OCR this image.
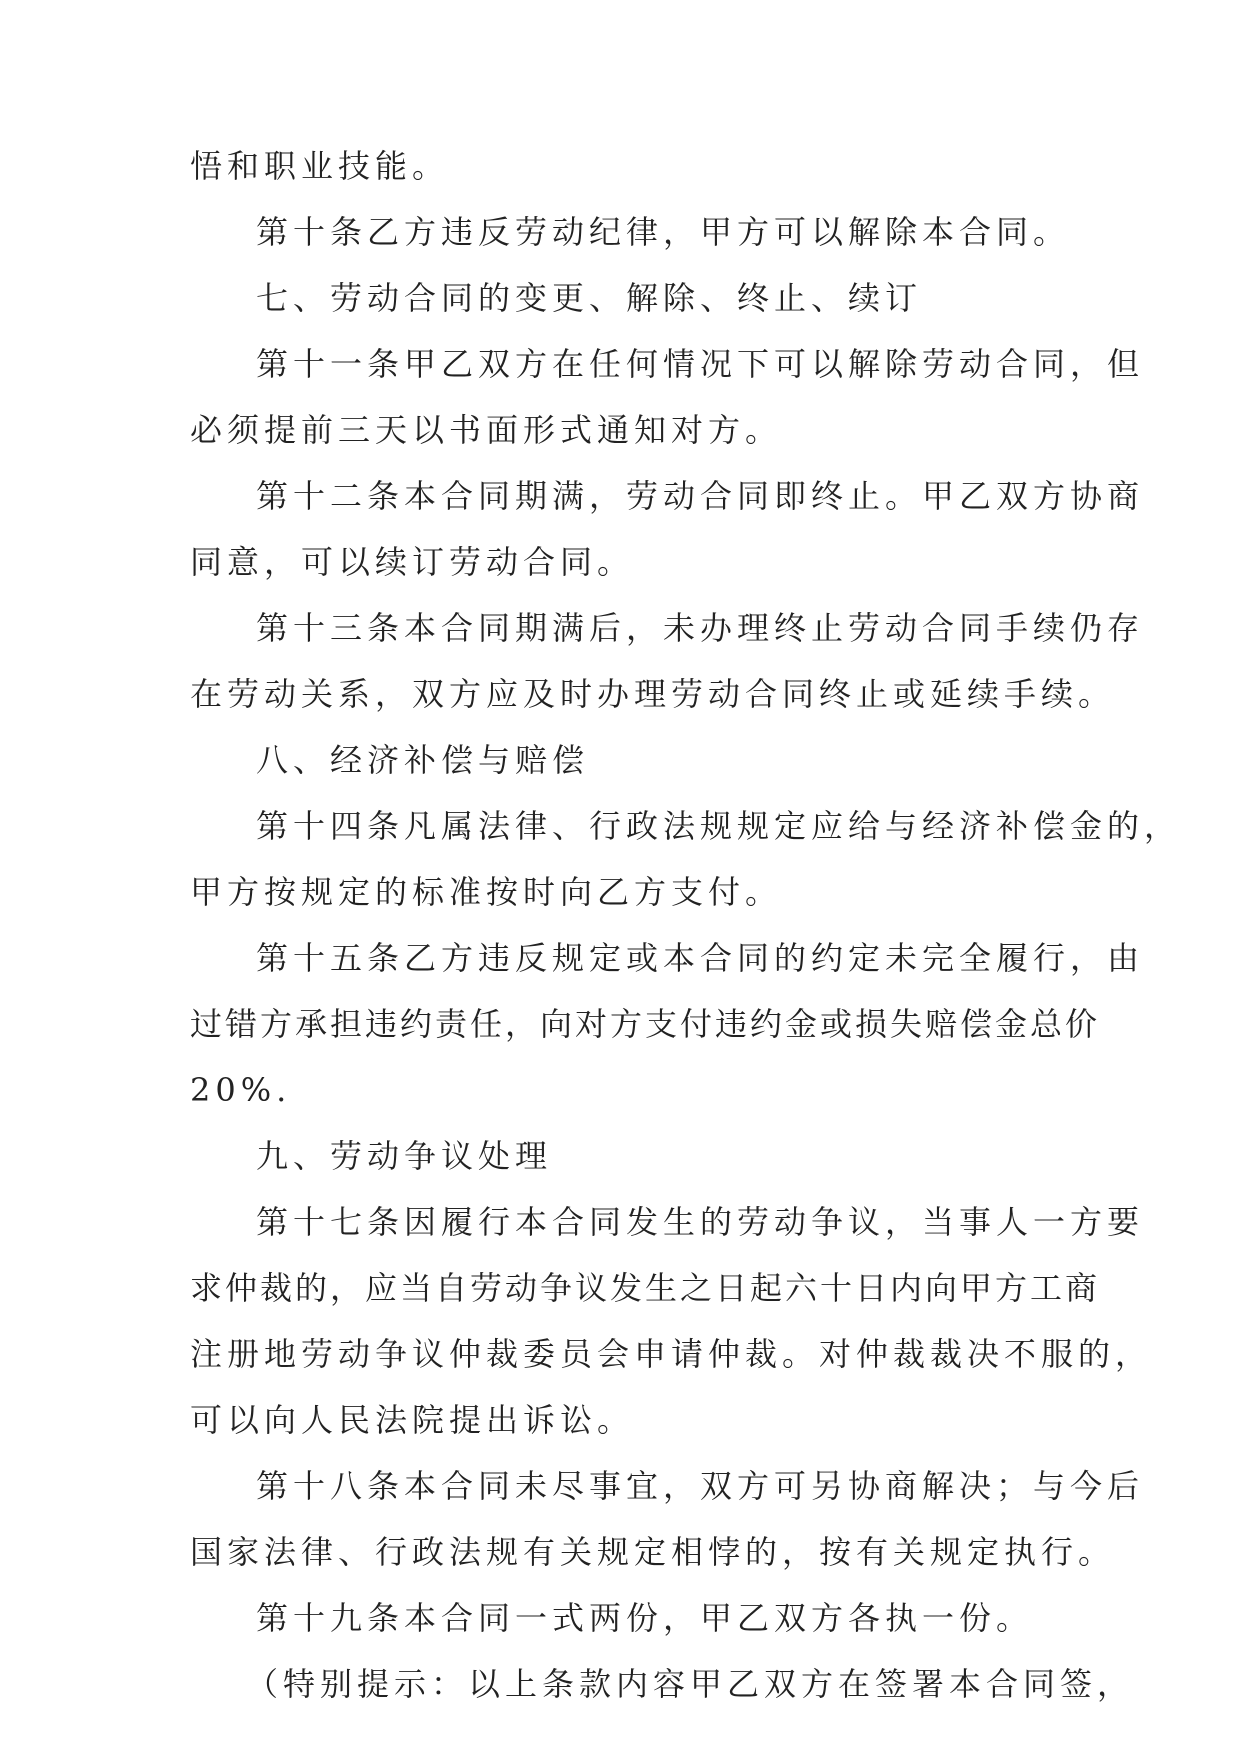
悟和职业技能。
第十条乙方违反劳动纪律，甲方可以解除本合同。
七、劳动合同的变更、解除、终止、续订
第十一条甲乙双方在任何情况下可以解除劳动合同，但
必须提前三天以书面形式通知对方。
第十二条本合同期满，劳动合同即终止。甲乙双方协商
同意，可以续订劳动合同。
第十三条本合同期满后，未办理终止劳动合同手续仍存
在劳动关系，双方应及时办理劳动合同终止或延续手续。
八、经济补偿与赔偿
第十四条凡属法律、行政法规规定应给与经济补偿金的，
甲方按规定的标准按时向乙方支付。
第十五条乙方违反规定或本合同的约定未完全履行，由
过错方承担违约责任，向对方支付违约金或损失赔偿金总价
20%.
九、劳动争议处理
第十七条因履行本合同发生的劳动争议，当事人一方要
求仲裁的，应当自劳动争议发生之日起六十日内向甲方工商
注册地劳动争议仲裁委员会申请仲裁。对仲裁裁决不服的，
可以向人民法院提出诉讼。
第十八条本合同未尽事宜，双方可另协商解决；与今后
国家法律、行政法规有关规定相悖的，按有关规定执行。
第十九条本合同一式两份，甲乙双方各执一份。
（特别提示：以上条款内容甲乙双方在签署本合同签，
